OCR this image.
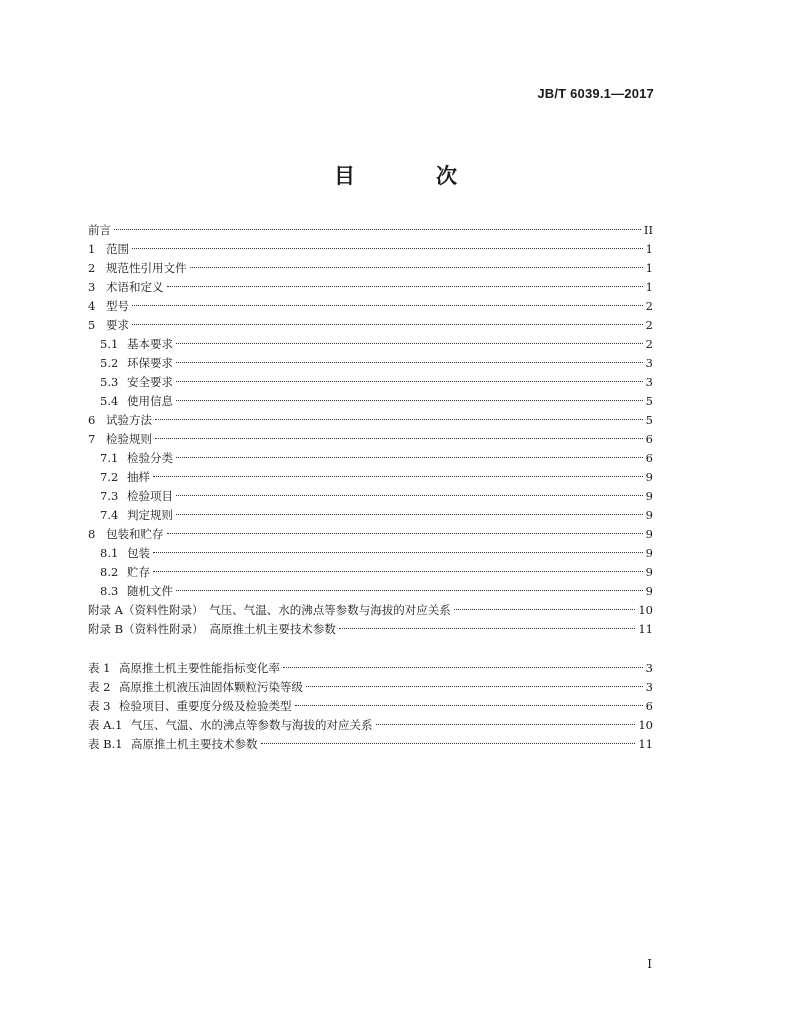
JB/T 6039.1—2017
目　次
前言	II
1 范围	1
2 规范性引用文件	1
3 术语和定义	1
4 型号	2
5 要求	2
5.1 基本要求	2
5.2 环保要求	3
5.3 安全要求	3
5.4 使用信息	5
6 试验方法	5
7 检验规则	6
7.1 检验分类	6
7.2 抽样	9
7.3 检验项目	9
7.4 判定规则	9
8 包装和贮存	9
8.1 包装	9
8.2 贮存	9
8.3 随机文件	9
附录 A（资料性附录）　气压、气温、水的沸点等参数与海拔的对应关系	10
附录 B（资料性附录）　高原推土机主要技术参数	11
表 1 高原推土机主要性能指标变化率	3
表 2 高原推土机液压油固体颗粒污染等级	3
表 3 检验项目、重要度分级及检验类型	6
表 A.1 气压、气温、水的沸点等参数与海拔的对应关系	10
表 B.1 高原推土机主要技术参数	11
I
